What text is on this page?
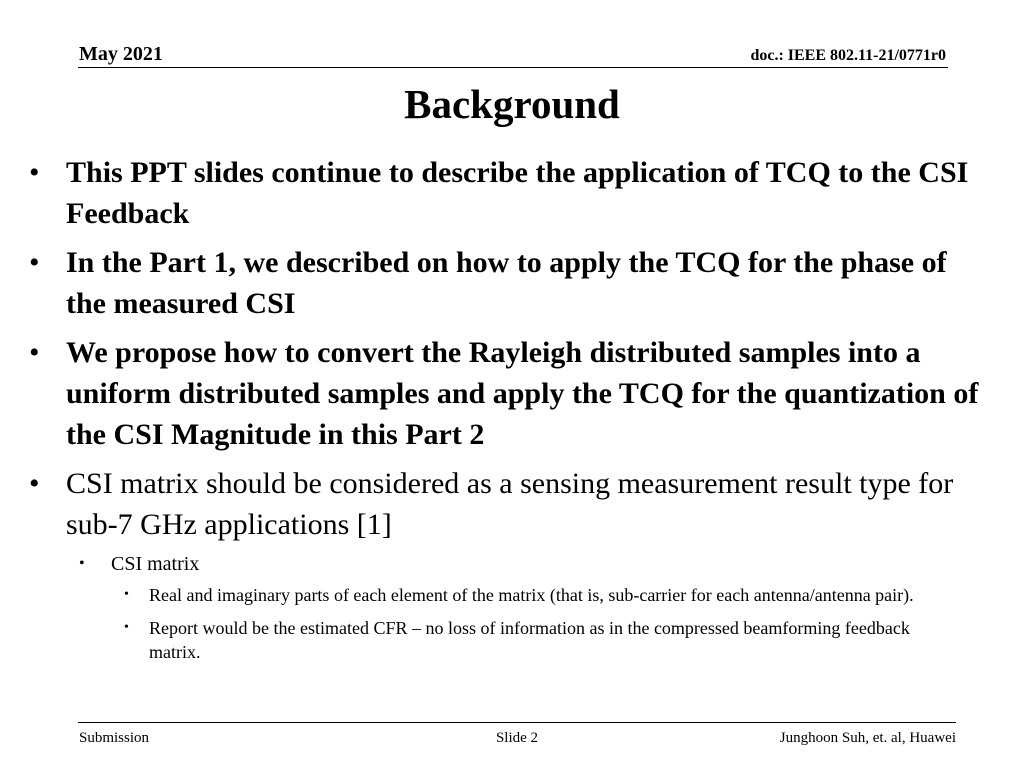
May 2021	doc.: IEEE 802.11-21/0771r0
Background
• This PPT slides continue to describe the application of TCQ to the CSI Feedback
• In the Part 1, we described on how to apply the TCQ for the phase of the measured CSI
• We propose how to convert the Rayleigh distributed samples into a uniform distributed samples and apply the TCQ for the quantization of the CSI Magnitude in this Part 2
• CSI matrix should be considered as a sensing measurement result type for sub-7 GHz applications [1]
• CSI matrix
• Real and imaginary parts of each element of the matrix (that is, sub-carrier for each antenna/antenna pair).
• Report would be the estimated CFR – no loss of information as in the compressed beamforming feedback matrix.
Submission	Slide 2	Junghoon Suh, et. al, Huawei
